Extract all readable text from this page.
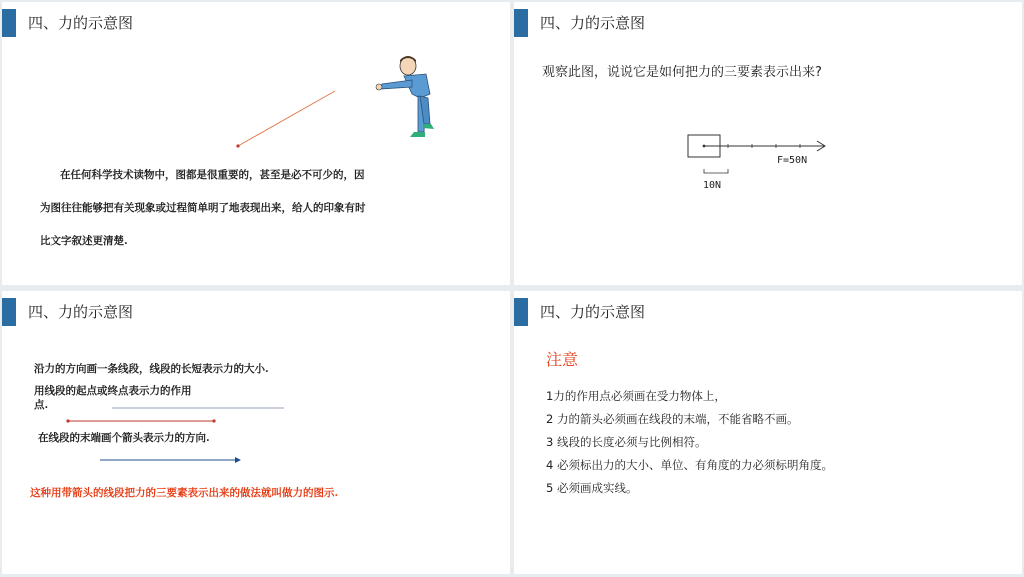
四、力的示意图
在任何科学技术读物中，图都是很重要的，甚至是必不可少的，因
为图往往能够把有关现象或过程简单明了地表现出来，给人的印象有时
比文字叙述更清楚.
四、力的示意图
观察此图，说说它是如何把力的三要素表示出来?
F=50N
10N
四、力的示意图
沿力的方向画一条线段，线段的长短表示力的大小.
用线段的起点或终点表示力的作用
点.
在线段的末端画个箭头表示力的方向.
这种用带箭头的线段把力的三要素表示出来的做法就叫做力的图示.
四、力的示意图
注意
1力的作用点必须画在受力物体上，
2 力的箭头必须画在线段的末端，不能省略不画。
3 线段的长度必须与比例相符。
4 必须标出力的大小、单位、有角度的力必须标明角度。
5 必须画成实线。
